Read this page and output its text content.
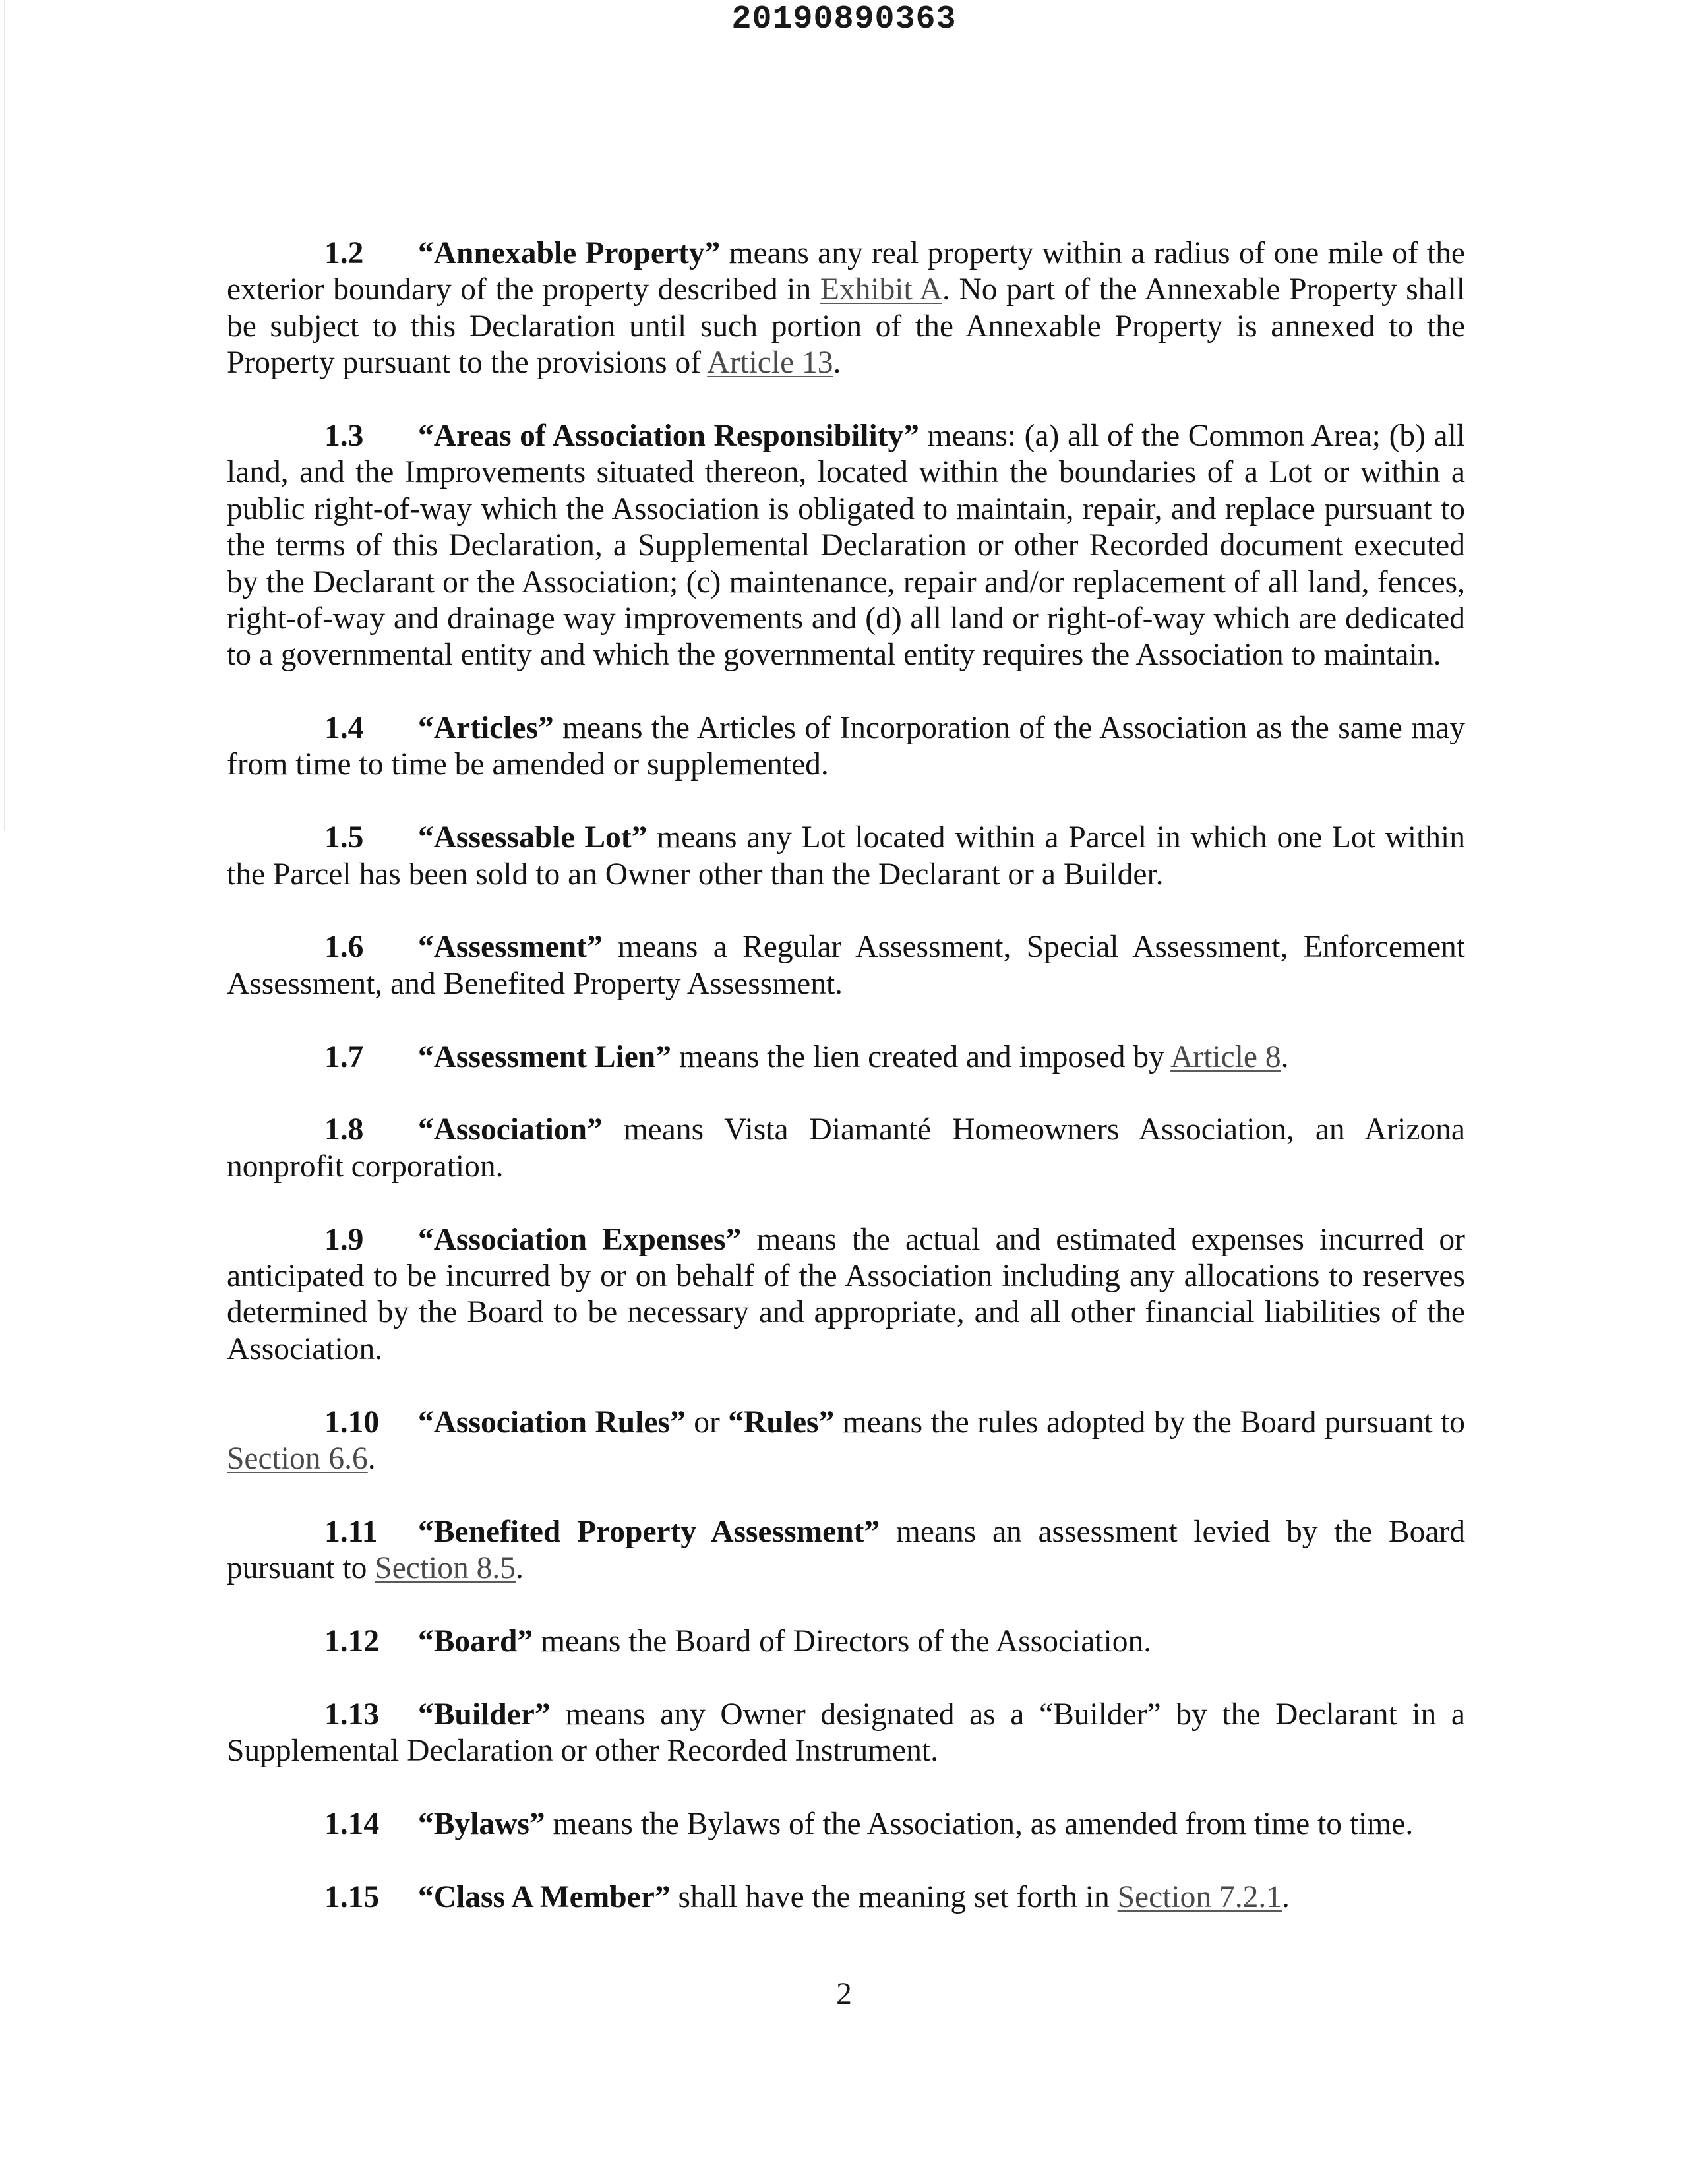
20190890363
1.2 “Annexable Property” means any real property within a radius of one mile of the
exterior boundary of the property described in Exhibit A. No part of the Annexable Property shall
be subject to this Declaration until such portion of the Annexable Property is annexed to the
Property pursuant to the provisions of Article 13.
1.3 “Areas of Association Responsibility” means: (a) all of the Common Area; (b) all
land, and the Improvements situated thereon, located within the boundaries of a Lot or within a
public right-of-way which the Association is obligated to maintain, repair, and replace pursuant to
the terms of this Declaration, a Supplemental Declaration or other Recorded document executed
by the Declarant or the Association; (c) maintenance, repair and/or replacement of all land, fences,
right-of-way and drainage way improvements and (d) all land or right-of-way which are dedicated
to a governmental entity and which the governmental entity requires the Association to maintain.
1.4 “Articles” means the Articles of Incorporation of the Association as the same may
from time to time be amended or supplemented.
1.5 “Assessable Lot” means any Lot located within a Parcel in which one Lot within
the Parcel has been sold to an Owner other than the Declarant or a Builder.
1.6 “Assessment” means a Regular Assessment, Special Assessment, Enforcement
Assessment, and Benefited Property Assessment.
1.7 “Assessment Lien” means the lien created and imposed by Article 8.
1.8 “Association” means Vista Diamanté Homeowners Association, an Arizona
nonprofit corporation.
1.9 “Association Expenses” means the actual and estimated expenses incurred or
anticipated to be incurred by or on behalf of the Association including any allocations to reserves
determined by the Board to be necessary and appropriate, and all other financial liabilities of the
Association.
1.10 “Association Rules” or “Rules” means the rules adopted by the Board pursuant to
Section 6.6.
1.11 “Benefited Property Assessment” means an assessment levied by the Board
pursuant to Section 8.5.
1.12 “Board” means the Board of Directors of the Association.
1.13 “Builder” means any Owner designated as a “Builder” by the Declarant in a
Supplemental Declaration or other Recorded Instrument.
1.14 “Bylaws” means the Bylaws of the Association, as amended from time to time.
1.15 “Class A Member” shall have the meaning set forth in Section 7.2.1.
2
